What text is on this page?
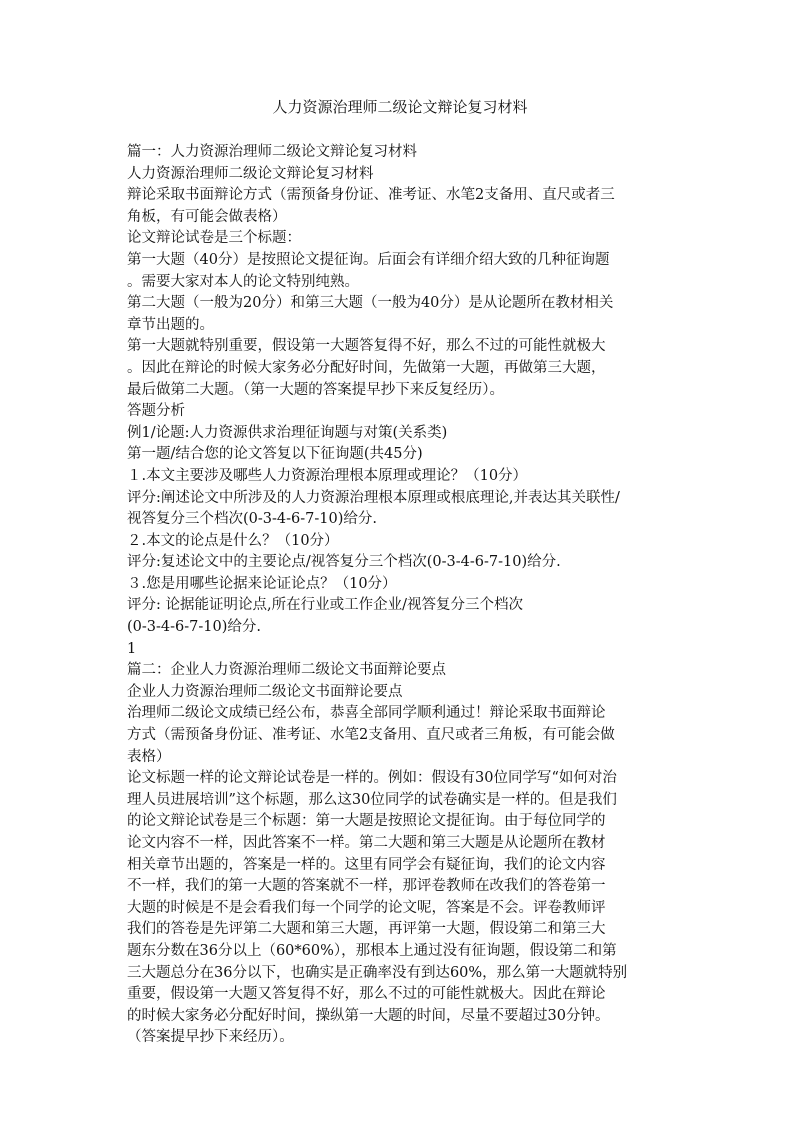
人力资源治理师二级论文辩论复习材料
篇一：人力资源治理师二级论文辩论复习材料
人力资源治理师二级论文辩论复习材料
辩论采取书面辩论方式（需预备身份证、准考证、水笔2支备用、直尺或者三
角板，有可能会做表格）
论文辩论试卷是三个标题：
第一大题（40分）是按照论文提征询。后面会有详细介绍大致的几种征询题
。需要大家对本人的论文特别纯熟。
第二大题（一般为20分）和第三大题（一般为40分）是从论题所在教材相关
章节出题的。
第一大题就特别重要，假设第一大题答复得不好，那么不过的可能性就极大
。因此在辩论的时候大家务必分配好时间，先做第一大题，再做第三大题，
最后做第二大题。（第一大题的答案提早抄下来反复经历）。
答题分析
例1/论题:人力资源供求治理征询题与对策(关系类)
第一题/结合您的论文答复以下征询题(共45分)
１.本文主要涉及哪些人力资源治理根本原理或理论？（10分）
评分:阐述论文中所涉及的人力资源治理根本原理或根底理论,并表达其关联性/
视答复分三个档次(0-3-4-6-7-10)给分.
２.本文的论点是什么？（10分）
评分:复述论文中的主要论点/视答复分三个档次(0-3-4-6-7-10)给分.
３.您是用哪些论据来论证论点？（10分）
评分: 论据能证明论点,所在行业或工作企业/视答复分三个档次
(0-3-4-6-7-10)给分.
1
篇二：企业人力资源治理师二级论文书面辩论要点
企业人力资源治理师二级论文书面辩论要点
治理师二级论文成绩已经公布，恭喜全部同学顺利通过！辩论采取书面辩论
方式（需预备身份证、准考证、水笔2支备用、直尺或者三角板，有可能会做
表格）
论文标题一样的论文辩论试卷是一样的。例如：假设有30位同学写“如何对治
理人员进展培训”这个标题，那么这30位同学的试卷确实是一样的。但是我们
的论文辩论试卷是三个标题：第一大题是按照论文提征询。由于每位同学的
论文内容不一样，因此答案不一样。第二大题和第三大题是从论题所在教材
相关章节出题的，答案是一样的。这里有同学会有疑征询，我们的论文内容
不一样，我们的第一大题的答案就不一样，那评卷教师在改我们的答卷第一
大题的时候是不是会看我们每一个同学的论文呢，答案是不会。评卷教师评
我们的答卷是先评第二大题和第三大题，再评第一大题，假设第二和第三大
题东分数在36分以上（60*60%），那根本上通过没有征询题，假设第二和第
三大题总分在36分以下，也确实是正确率没有到达60%，那么第一大题就特别
重要，假设第一大题又答复得不好，那么不过的可能性就极大。因此在辩论
的时候大家务必分配好时间，操纵第一大题的时间，尽量不要超过30分钟。
（答案提早抄下来经历）。
